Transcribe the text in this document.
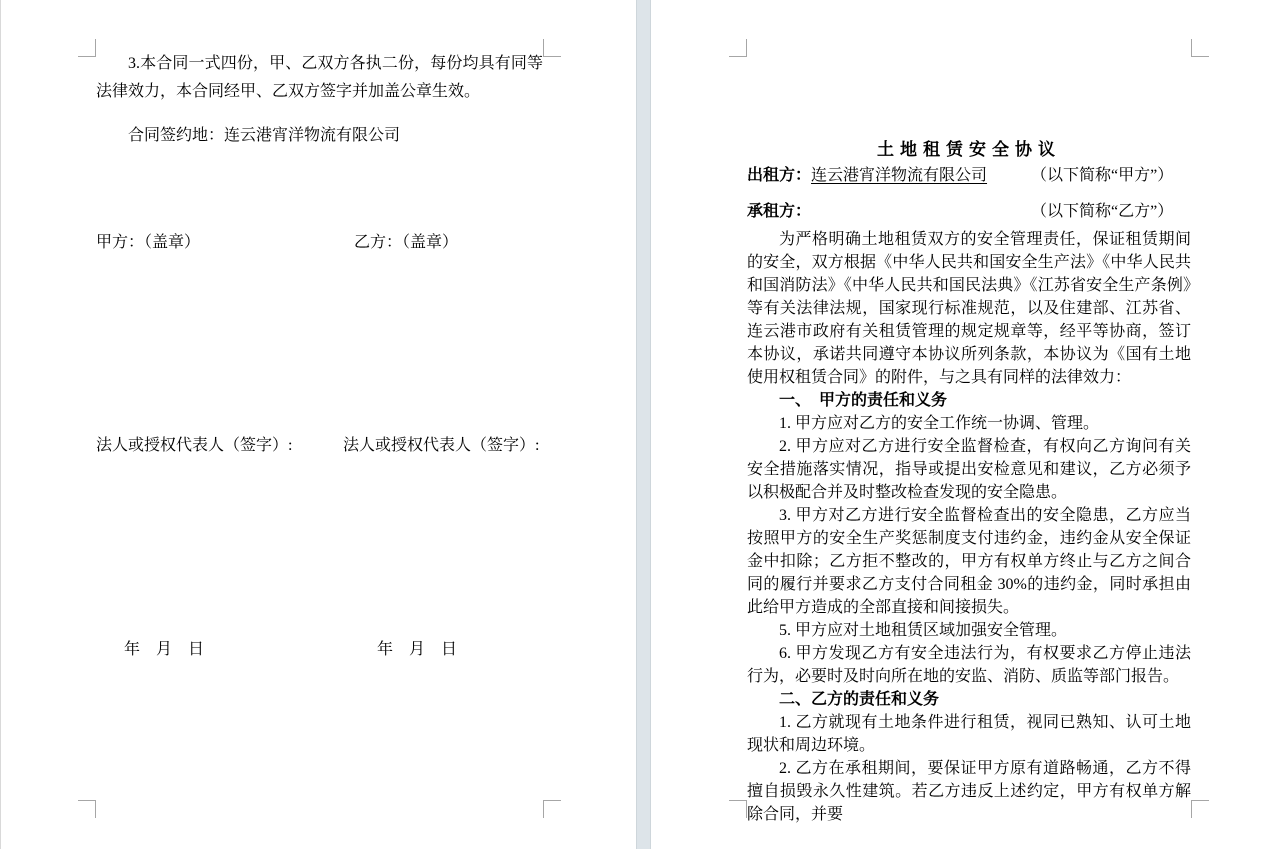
3.本合同一式四份，甲、乙双方各执二份，每份均具有同等法律效力，本合同经甲、乙双方签字并加盖公章生效。
合同签约地：连云港宵洋物流有限公司
甲方：（盖章）	乙方：（盖章）
法人或授权代表人（签字）:	法人或授权代表人（签字）:
年　月　日	年　月　日
土地租赁安全协议
出租方：连云港宵洋物流有限公司	（以下简称“甲方”）
承租方：	（以下简称“乙方”）

为严格明确土地租赁双方的安全管理责任，保证租赁期间的安全，双方根据《中华人民共和国安全生产法》《中华人民共和国消防法》《中华人民共和国民法典》《江苏省安全生产条例》等有关法律法规，国家现行标准规范，以及住建部、江苏省、连云港市政府有关租赁管理的规定规章等，经平等协商，签订本协议，承诺共同遵守本协议所列条款，本协议为《国有土地使用权租赁合同》的附件，与之具有同样的法律效力：

一、　甲方的责任和义务

1. 甲方应对乙方的安全工作统一协调、管理。

2. 甲方应对乙方进行安全监督检查，有权向乙方询问有关安全措施落实情况，指导或提出安检意见和建议，乙方必须予以积极配合并及时整改检查发现的安全隐患。

3. 甲方对乙方进行安全监督检查出的安全隐患，乙方应当按照甲方的安全生产奖惩制度支付违约金，违约金从安全保证金中扣除；乙方拒不整改的，甲方有权单方终止与乙方之间合同的履行并要求乙方支付合同租金 30%的违约金，同时承担由此给甲方造成的全部直接和间接损失。

5. 甲方应对土地租赁区域加强安全管理。

6. 甲方发现乙方有安全违法行为，有权要求乙方停止违法行为，必要时及时向所在地的安监、消防、质监等部门报告。

二、乙方的责任和义务

1. 乙方就现有土地条件进行租赁，视同已熟知、认可土地现状和周边环境。

2. 乙方在承租期间，要保证甲方原有道路畅通，乙方不得擅自损毁永久性建筑。若乙方违反上述约定，甲方有权单方解除合同，并要
